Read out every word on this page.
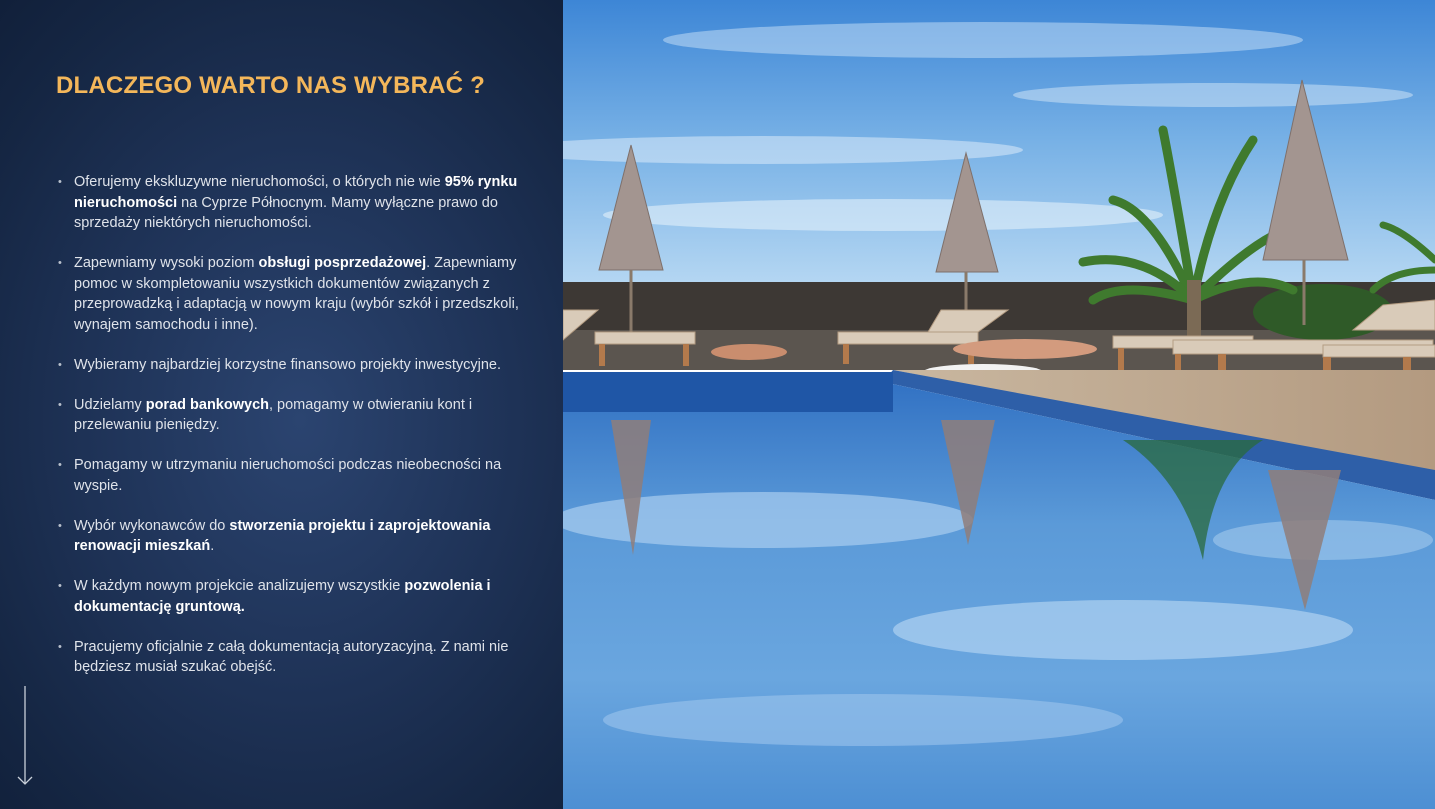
DLACZEGO WARTO NAS WYBRAĆ ?
• Oferujemy ekskluzywne nieruchomości, o których nie wie 95% rynku nieruchomości na Cyprze Północnym. Mamy wyłączne prawo do sprzedaży niektórych nieruchomości.
• Zapewniamy wysoki poziom obsługi posprzedażowej. Zapewniamy pomoc w skompletowaniu wszystkich dokumentów związanych z przeprowadzką i adaptacją w nowym kraju (wybór szkół i przedszkoli, wynajem samochodu i inne).
• Wybieramy najbardziej korzystne finansowo projekty inwestycyjne.
• Udzielamy porad bankowych, pomagamy w otwieraniu kont i przelewaniu pieniędzy.
• Pomagamy w utrzymaniu nieruchomości podczas nieobecności na wyspie.
• Wybór wykonawców do stworzenia projektu i zaprojektowania renowacji mieszkań.
• W każdym nowym projekcie analizujemy wszystkie pozwolenia i dokumentację gruntową.
• Pracujemy oficjalnie z całą dokumentacją autoryzacyjną. Z nami nie będziesz musiał szukać obejść.
